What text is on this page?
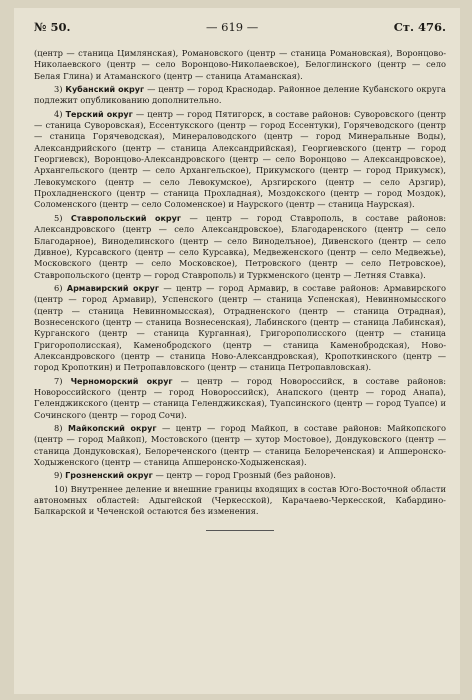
№ 50.	— 619 —	Ст. 476.

(центр — станица Цимлянская), Романовского (центр — станица Романовская), Воронцово-Николаевского (центр — село Воронцово-Николаевское), Белоглинского (центр — село Белая Глина) и Атаманского (центр — станица Атаманская).

3) Кубанский округ — центр — город Краснодар. Районное деление Кубанского округа подлежит опубликованию дополнительно.

4) Терский округ — центр — город Пятигорск, в составе районов: Суворовского (центр — станица Суворовская), Ессентукского (центр — город Ессентуки), Горячеводского (центр — станица Горячеводская), Минераловодского (центр — город Минеральные Воды), Александрийского (центр — станица Александрийская), Георгиевского (центр — город Георгиевск), Воронцово-Александровского (центр — село Воронцово — Александровское), Архангельского (центр — село Архангельское), Прикумского (центр — город Прикумск), Левокумского (центр — село Левокумское), Арзгирского (центр — село Арзгир), Прохладненского (центр — станица Прохладная), Моздокского (центр — город Моздок), Соломенского (центр — село Соломенское) и Наурского (центр — станица Наурская).

5) Ставропольский округ — центр — город Ставрополь, в составе районов: Александровского (центр — село Александровское), Благодаренского (центр — село Благодарное), Виноделинского (центр — село Виноделъное), Дивенского (центр — село Дивное), Курсавского (центр — село Курсавка), Медвеженского (центр — село Медвежье), Московского (центр — село Московское), Петровского (центр — село Петровское), Ставропольского (центр — город Ставрополь) и Туркменского (центр — Летняя Ставка).

6) Армавирский округ — центр — город Армавир, в составе районов: Армавирского (центр — город Армавир), Успенского (центр — станица Успенская), Невинномысского (центр — станица Невинномысская), Отрадненского (центр — станица Отрадная), Вознесенского (центр — станица Вознесенская), Лабинского (центр — станица Лабинская), Курганского (центр — станица Курганная), Григорополисского (центр — станица Григорополисская), Каменобродского (центр — станица Каменобродская), Ново-Александровского (центр — станица Ново-Александровская), Кропоткинского (центр — город Кропоткин) и Петропавловского (центр — станица Петропавловская).

7) Черноморский округ — центр — город Новороссийск, в составе районов: Новороссийского (центр — город Новороссийск), Анапского (центр — город Анапа), Геленджикского (центр — станица Геленджикская), Туапсинского (центр — город Туапсе) и Сочинского (центр — город Сочи).

8) Майкопский округ — центр — город Майкоп, в составе районов: Майкопского (центр — город Майкоп), Мостовского (центр — хутор Мостовое), Дондуковского (центр — станица Дондуковская), Белореченского (центр — станица Белореченская) и Апшеронско-Ходыженского (центр — станица Апшеронско-Ходыженская).

9) Грозненский округ — центр — город Грозный (без районов).

10) Внутреннее деление и внешние границы входящих в состав Юго-Восточной области автономных областей: Адыгейской (Черкесской), Карачаево-Черкесской, Кабардино-Балкарской и Чеченской остаются без изменения.
